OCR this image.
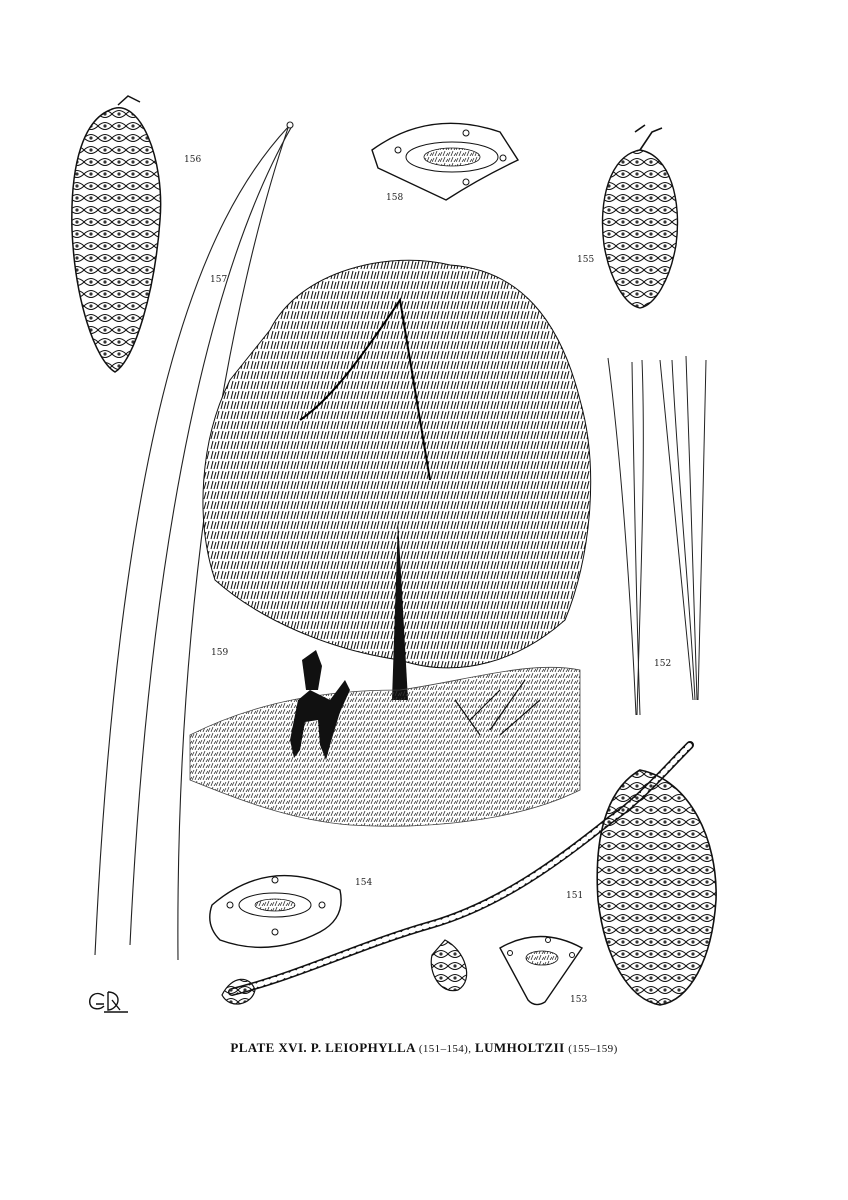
156
157
158
155
159
152
154
151
153
PLATE XVI. P. LEIOPHYLLA (151–154), LUMHOLTZII (155–159)
